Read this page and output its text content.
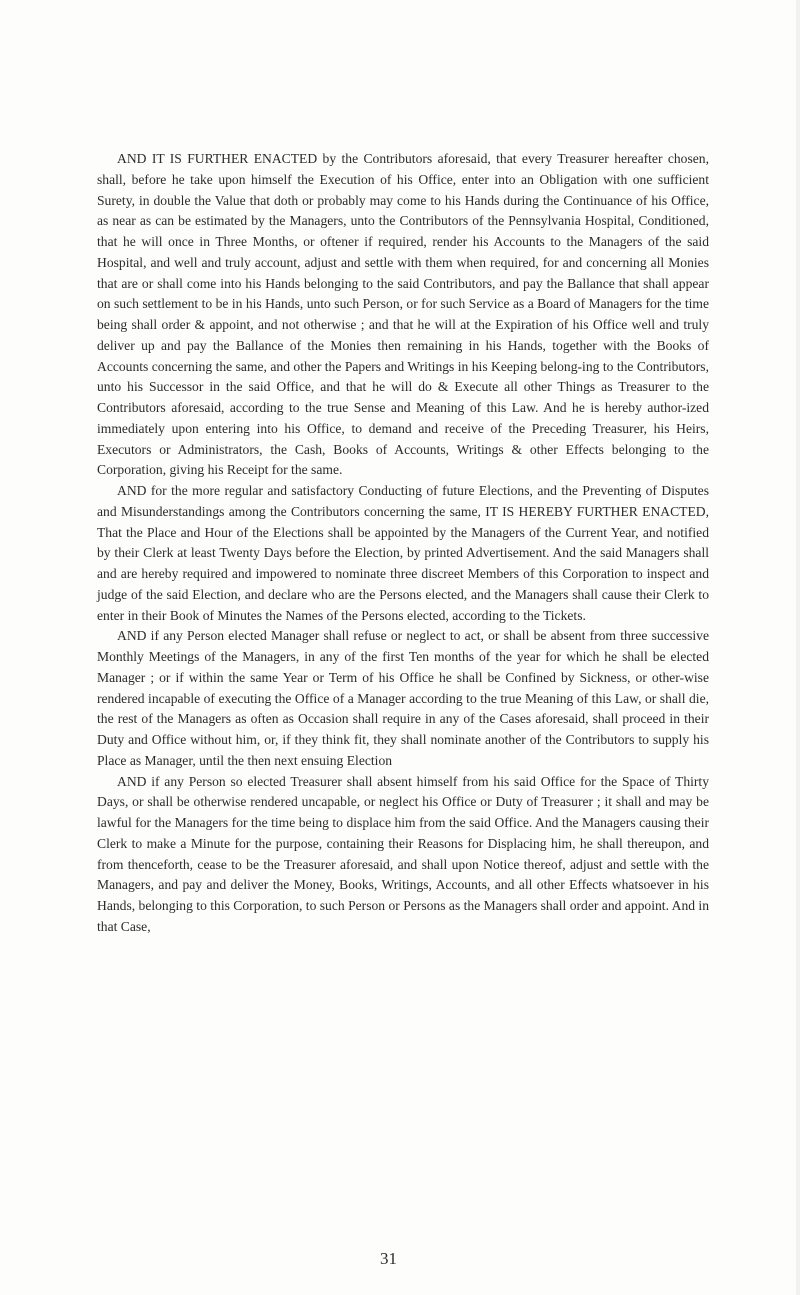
AND IT IS FURTHER ENACTED by the Contributors aforesaid, that every Treasurer hereafter chosen, shall, before he take upon himself the Execution of his Office, enter into an Obligation with one sufficient Surety, in double the Value that doth or probably may come to his Hands during the Continuance of his Office, as near as can be estimated by the Managers, unto the Contributors of the Pennsylvania Hospital, Conditioned, that he will once in Three Months, or oftener if required, render his Accounts to the Managers of the said Hospital, and well and truly account, adjust and settle with them when required, for and concerning all Monies that are or shall come into his Hands belonging to the said Contributors, and pay the Ballance that shall appear on such settlement to be in his Hands, unto such Person, or for such Service as a Board of Managers for the time being shall order & appoint, and not otherwise ; and that he will at the Expiration of his Office well and truly deliver up and pay the Ballance of the Monies then remaining in his Hands, together with the Books of Accounts concerning the same, and other the Papers and Writings in his Keeping belong-ing to the Contributors, unto his Successor in the said Office, and that he will do & Execute all other Things as Treasurer to the Contributors aforesaid, according to the true Sense and Meaning of this Law. And he is hereby author-ized immediately upon entering into his Office, to demand and receive of the Preceding Treasurer, his Heirs, Executors or Administrators, the Cash, Books of Accounts, Writings & other Effects belonging to the Corporation, giving his Receipt for the same.

AND for the more regular and satisfactory Conducting of future Elections, and the Preventing of Disputes and Misunderstandings among the Contributors concerning the same, IT IS HEREBY FURTHER ENACTED, That the Place and Hour of the Elections shall be appointed by the Managers of the Current Year, and notified by their Clerk at least Twenty Days before the Election, by printed Advertisement. And the said Managers shall and are hereby required and impowered to nominate three discreet Members of this Corporation to inspect and judge of the said Election, and declare who are the Persons elected, and the Managers shall cause their Clerk to enter in their Book of Minutes the Names of the Persons elected, according to the Tickets.

AND if any Person elected Manager shall refuse or neglect to act, or shall be absent from three successive Monthly Meetings of the Managers, in any of the first Ten months of the year for which he shall be elected Manager ; or if within the same Year or Term of his Office he shall be Confined by Sickness, or other-wise rendered incapable of executing the Office of a Manager according to the true Meaning of this Law, or shall die, the rest of the Managers as often as Occasion shall require in any of the Cases aforesaid, shall proceed in their Duty and Office without him, or, if they think fit, they shall nominate another of the Contributors to supply his Place as Manager, until the then next ensuing Election

AND if any Person so elected Treasurer shall absent himself from his said Office for the Space of Thirty Days, or shall be otherwise rendered uncapable, or neglect his Office or Duty of Treasurer ; it shall and may be lawful for the Managers for the time being to displace him from the said Office. And the Managers causing their Clerk to make a Minute for the purpose, containing their Reasons for Displacing him, he shall thereupon, and from thenceforth, cease to be the Treasurer aforesaid, and shall upon Notice thereof, adjust and settle with the Managers, and pay and deliver the Money, Books, Writings, Accounts, and all other Effects whatsoever in his Hands, belonging to this Corporation, to such Person or Persons as the Managers shall order and appoint. And in that Case,

31
